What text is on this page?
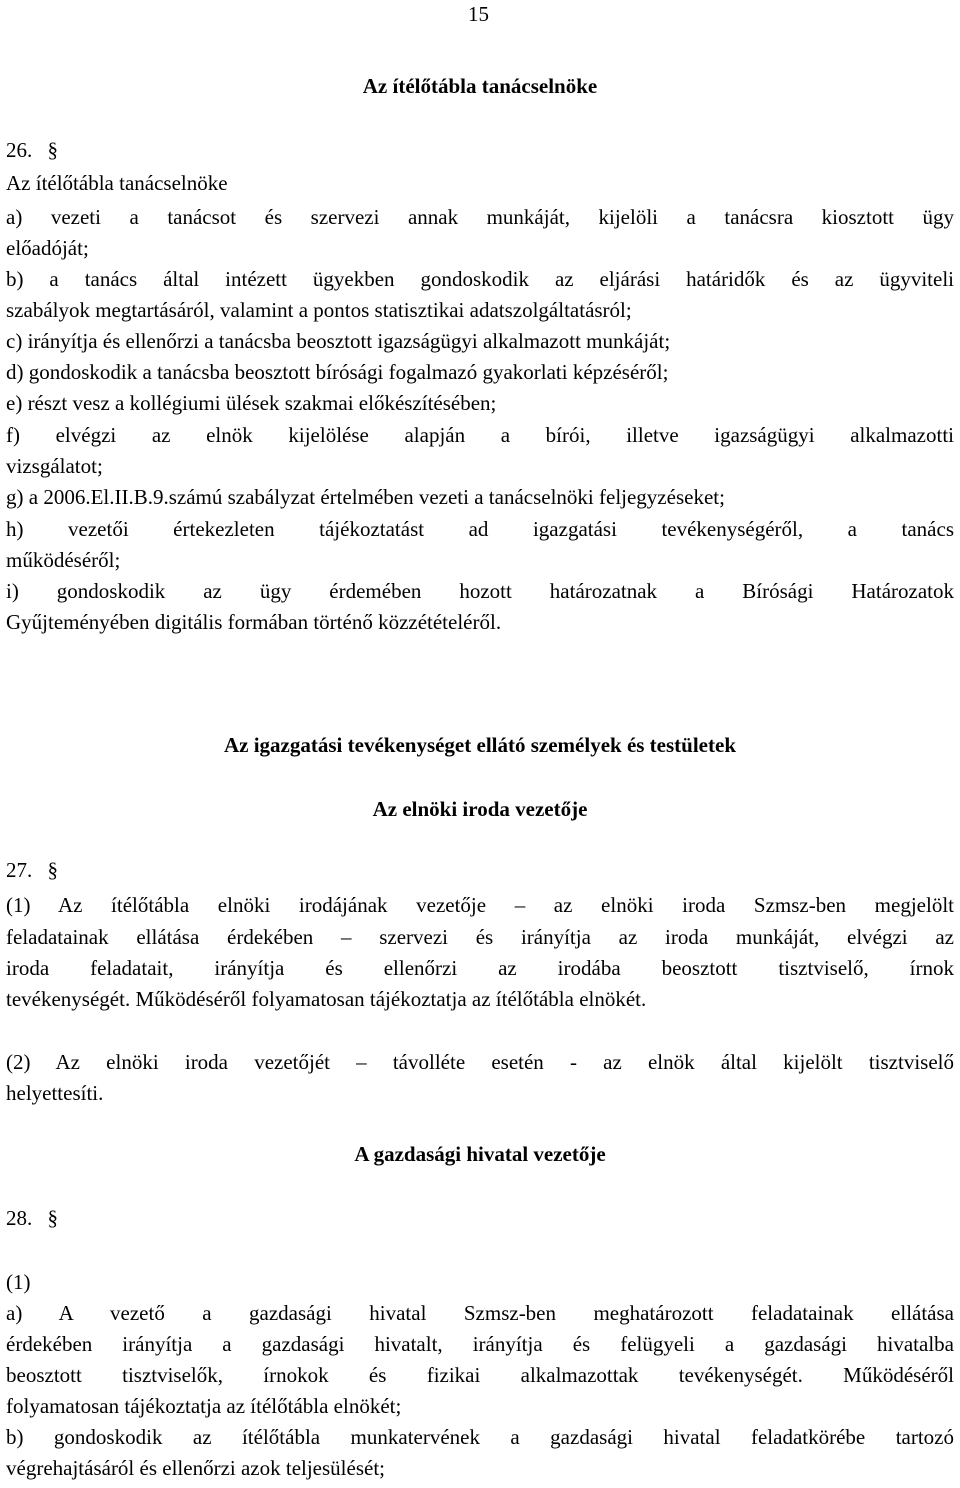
15
Az ítélőtábla tanácselnöke
26. §
Az ítélőtábla tanácselnöke
a) vezeti a tanácsot és szervezi annak munkáját, kijelöli a tanácsra kiosztott ügy
előadóját;
b) a tanács által intézett ügyekben gondoskodik az eljárási határidők és az ügyviteli
szabályok megtartásáról, valamint a pontos statisztikai adatszolgáltatásról;
c) irányítja és ellenőrzi a tanácsba beosztott igazságügyi alkalmazott munkáját;
d) gondoskodik a tanácsba beosztott bírósági fogalmazó gyakorlati képzéséről;
e) részt vesz a kollégiumi ülések szakmai előkészítésében;
f) elvégzi az elnök kijelölése alapján a bírói, illetve igazságügyi alkalmazotti
vizsgálatot;
g) a 2006.El.II.B.9.számú szabályzat értelmében vezeti a tanácselnöki feljegyzéseket;
h) vezetői értekezleten tájékoztatást ad igazgatási tevékenységéről, a tanács
működéséről;
i) gondoskodik az ügy érdemében hozott határozatnak a Bírósági Határozatok
Gyűjteményében digitális formában történő közzétételéről.
Az igazgatási tevékenységet ellátó személyek és testületek
Az elnöki iroda vezetője
27. §
(1) Az ítélőtábla elnöki irodájának vezetője – az elnöki iroda Szmsz-ben megjelölt
feladatainak ellátása érdekében – szervezi és irányítja az iroda munkáját, elvégzi az
iroda feladatait, irányítja és ellenőrzi az irodába beosztott tisztviselő, írnok
tevékenységét. Működéséről folyamatosan tájékoztatja az ítélőtábla elnökét.
(2) Az elnöki iroda vezetőjét – távolléte esetén - az elnök által kijelölt tisztviselő
helyettesíti.
A gazdasági hivatal vezetője
28. §
(1)
a) A vezető a gazdasági hivatal Szmsz-ben meghatározott feladatainak ellátása
érdekében irányítja a gazdasági hivatalt, irányítja és felügyeli a gazdasági hivatalba
beosztott tisztviselők, írnokok és fizikai alkalmazottak tevékenységét. Működéséről
folyamatosan tájékoztatja az ítélőtábla elnökét;
b) gondoskodik az ítélőtábla munkatervének a gazdasági hivatal feladatkörébe tartozó
végrehajtásáról és ellenőrzi azok teljesülését;
